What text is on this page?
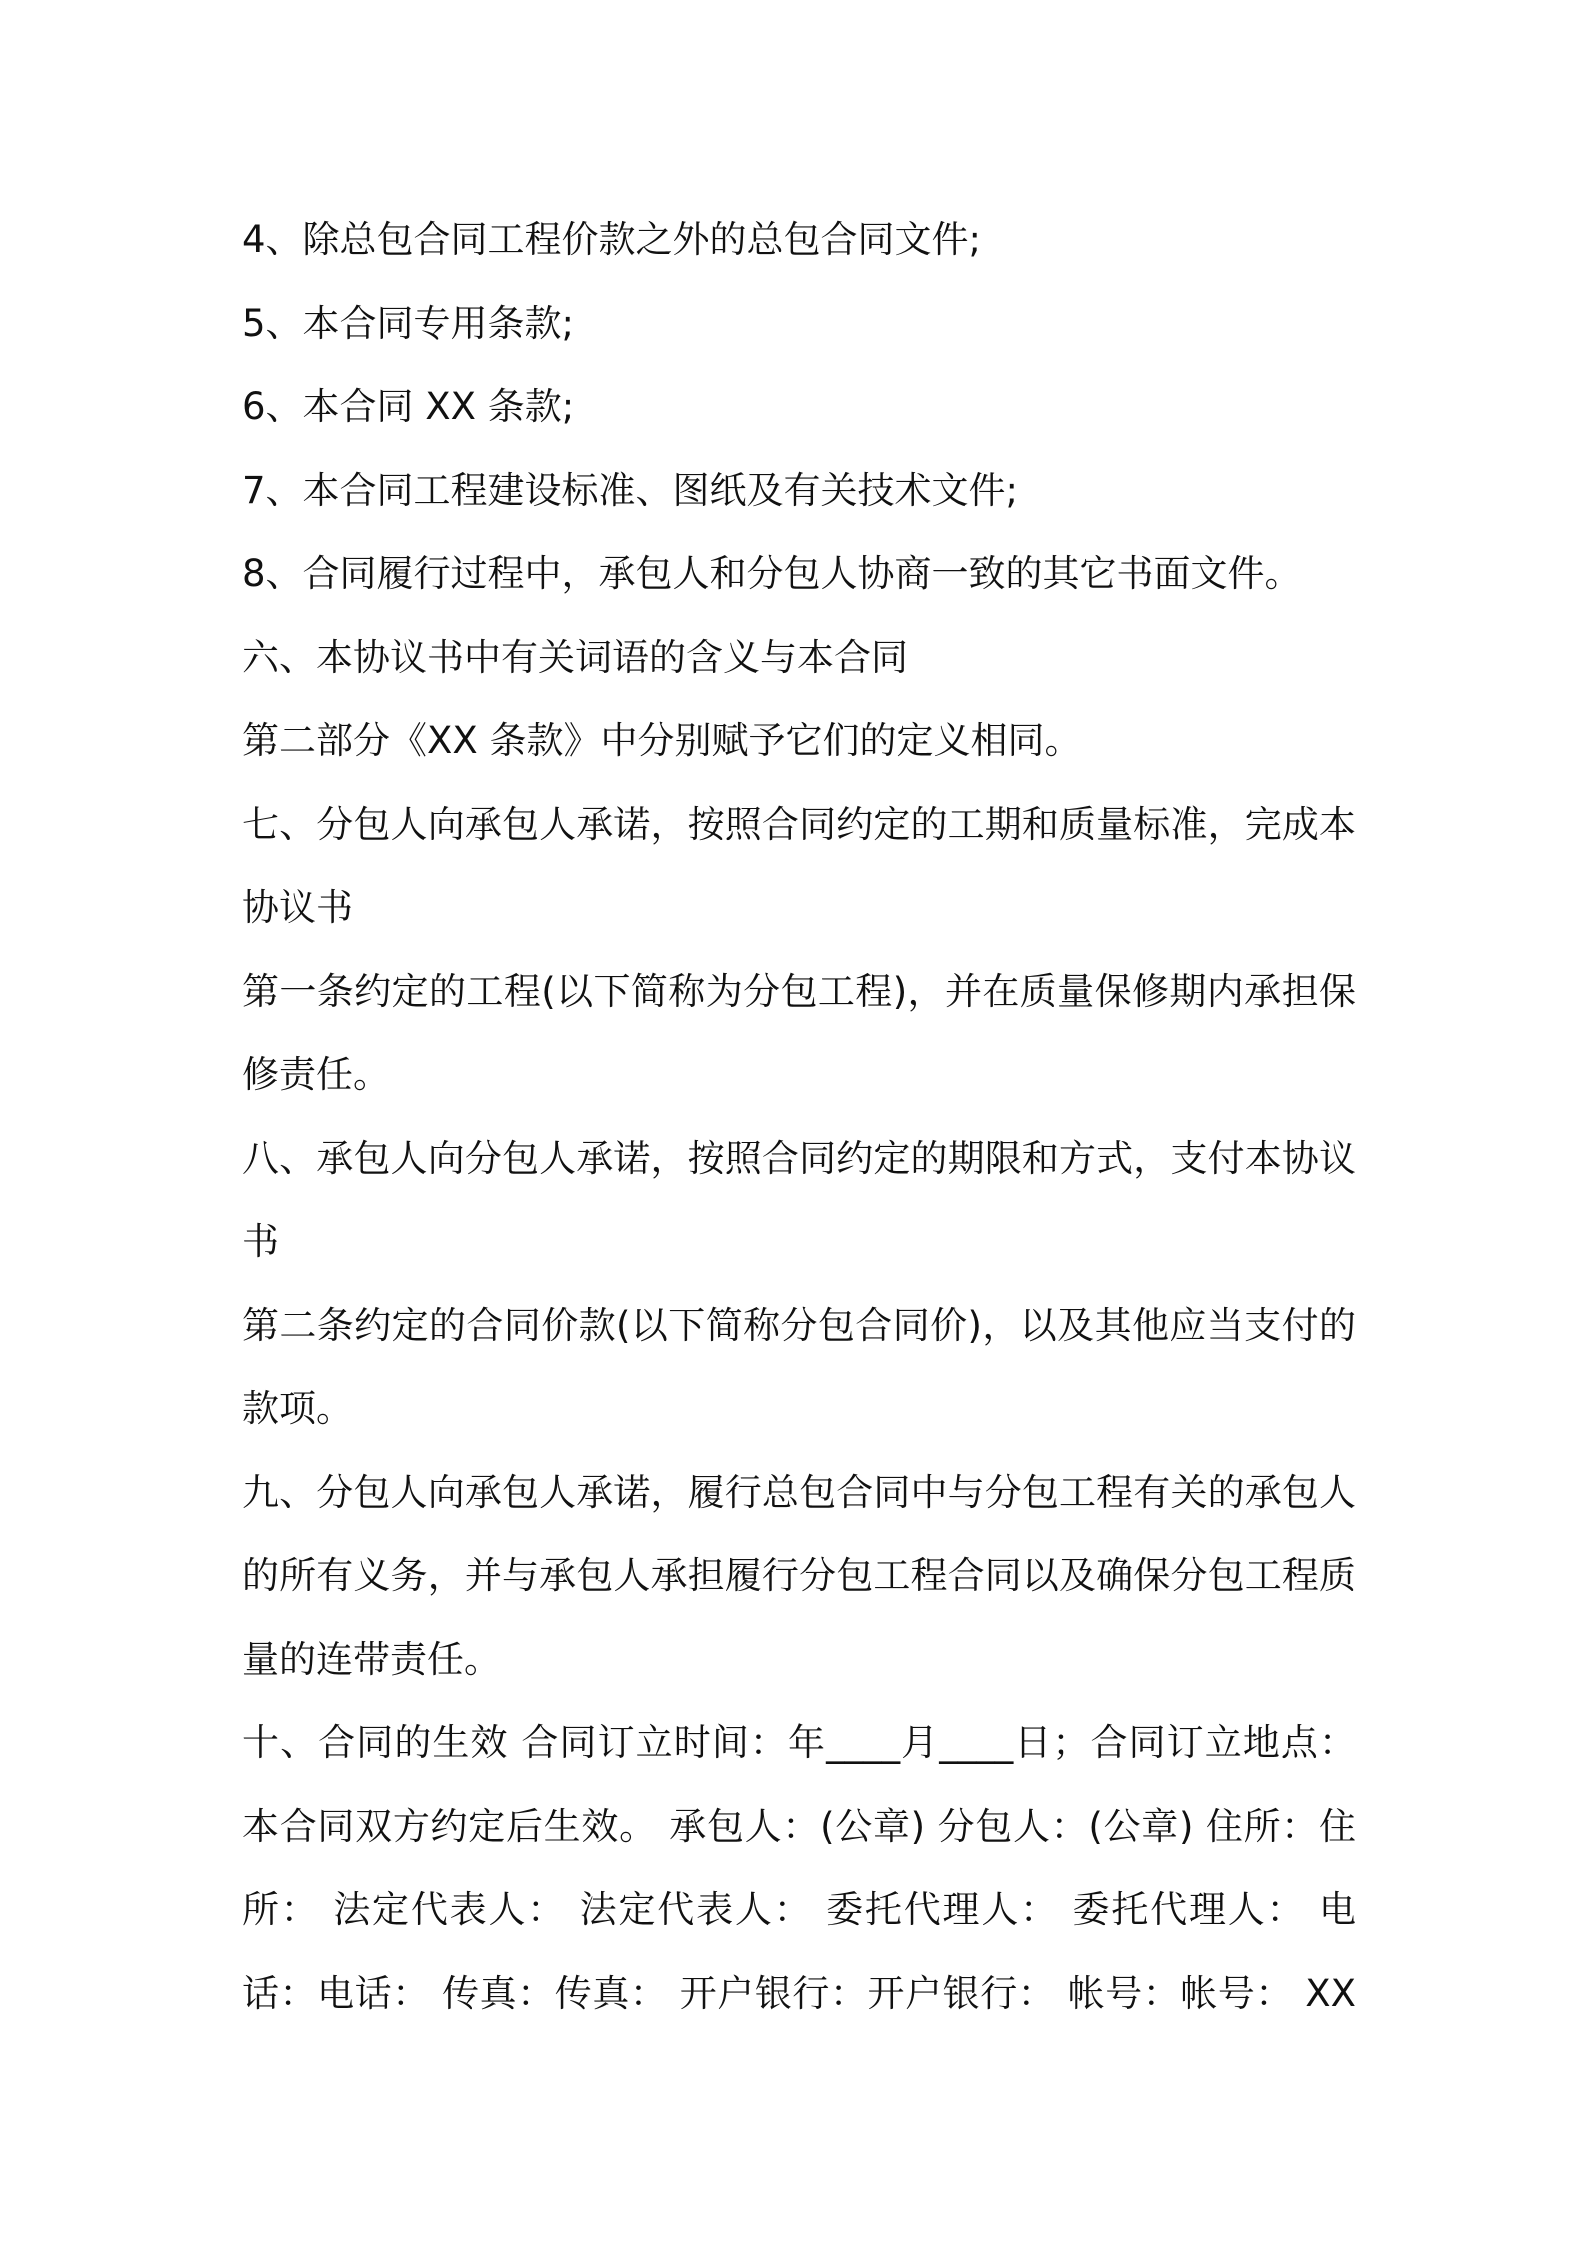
4、除总包合同工程价款之外的总包合同文件;
5、本合同专用条款;
6、本合同 XX 条款;
7、本合同工程建设标准、图纸及有关技术文件;
8、合同履行过程中，承包人和分包人协商一致的其它书面文件。
六、本协议书中有关词语的含义与本合同
第二部分《XX 条款》中分别赋予它们的定义相同。
七、分包人向承包人承诺，按照合同约定的工期和质量标准，完成本
协议书
第一条约定的工程(以下简称为分包工程)，并在质量保修期内承担保
修责任。
八、承包人向分包人承诺，按照合同约定的期限和方式，支付本协议
书
第二条约定的合同价款(以下简称分包合同价)，以及其他应当支付的
款项。
九、分包人向承包人承诺，履行总包合同中与分包工程有关的承包人
的所有义务，并与承包人承担履行分包工程合同以及确保分包工程质
量的连带责任。
十、合同的生效 合同订立时间：年____月____日；合同订立地点：
本合同双方约定后生效。 承包人：(公章) 分包人：(公章) 住所：住
所： 法定代表人： 法定代表人： 委托代理人： 委托代理人： 电
话：电话： 传真：传真： 开户银行：开户银行： 帐号：帐号： XX
